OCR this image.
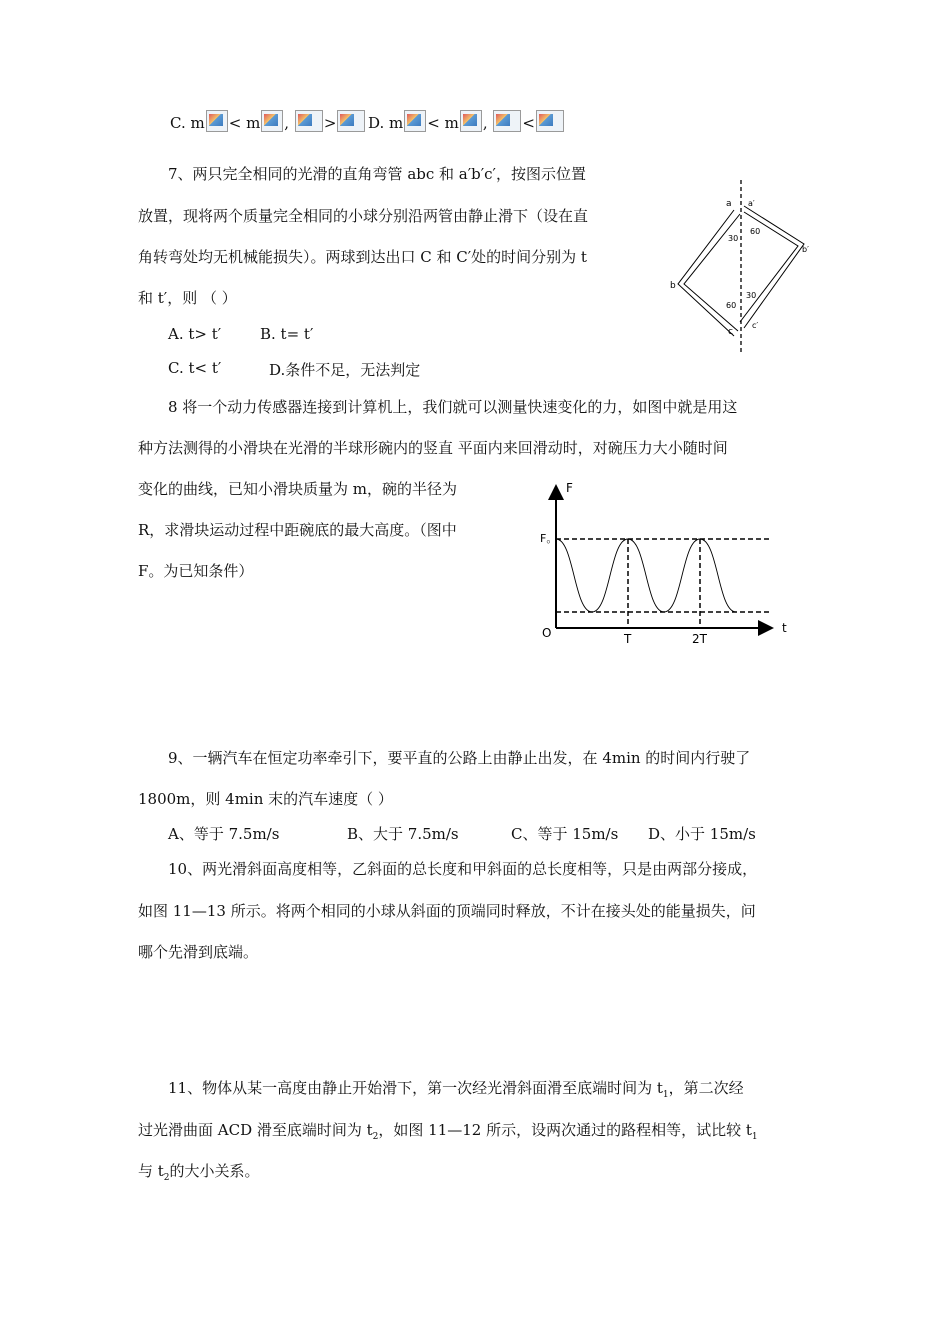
C. m < m , >	D. m < m , <
7、两只完全相同的光滑的直角弯管 abc 和 a′b′c′，按图示位置
放置，现将两个质量完全相同的小球分别沿两管由静止滑下（设在直
角转弯处均无机械能损失）。两球到达出口 C 和 C′处的时间分别为 t
和 t′，则 （ ）
A. t> t′	B. t= t′
C. t< t′	D.条件不足，无法判定
a a′
b
b′
c
c′
30
60
30
60
8 将一个动力传感器连接到计算机上，我们就可以测量快速变化的力，如图中就是用这
种方法测得的小滑块在光滑的半球形碗内的竖直 平面内来回滑动时，对碗压力大小随时间
变化的曲线，已知小滑块质量为 m，碗的半径为
R，求滑块运动过程中距碗底的最大高度。（图中
F。为已知条件）
F
t
O
F。
T	2T
9、一辆汽车在恒定功率牵引下，要平直的公路上由静止出发，在 4min 的时间内行驶了
1800m，则 4min 末的汽车速度（ ）
A、等于 7.5m/s	B、大于 7.5m/s	C、等于 15m/s D、小于 15m/s
10、两光滑斜面高度相等，乙斜面的总长度和甲斜面的总长度相等，只是由两部分接成，
如图 11—13 所示。将两个相同的小球从斜面的顶端同时释放，不计在接头处的能量损失，问
哪个先滑到底端。
11、物体从某一高度由静止开始滑下，第一次经光滑斜面滑至底端时间为 $t_1$，第二次经
过光滑曲面 ACD 滑至底端时间为 $t_2$，如图 11—12 所示，设两次通过的路程相等，试比较 $t_1$
与 $t_2$的大小关系。
